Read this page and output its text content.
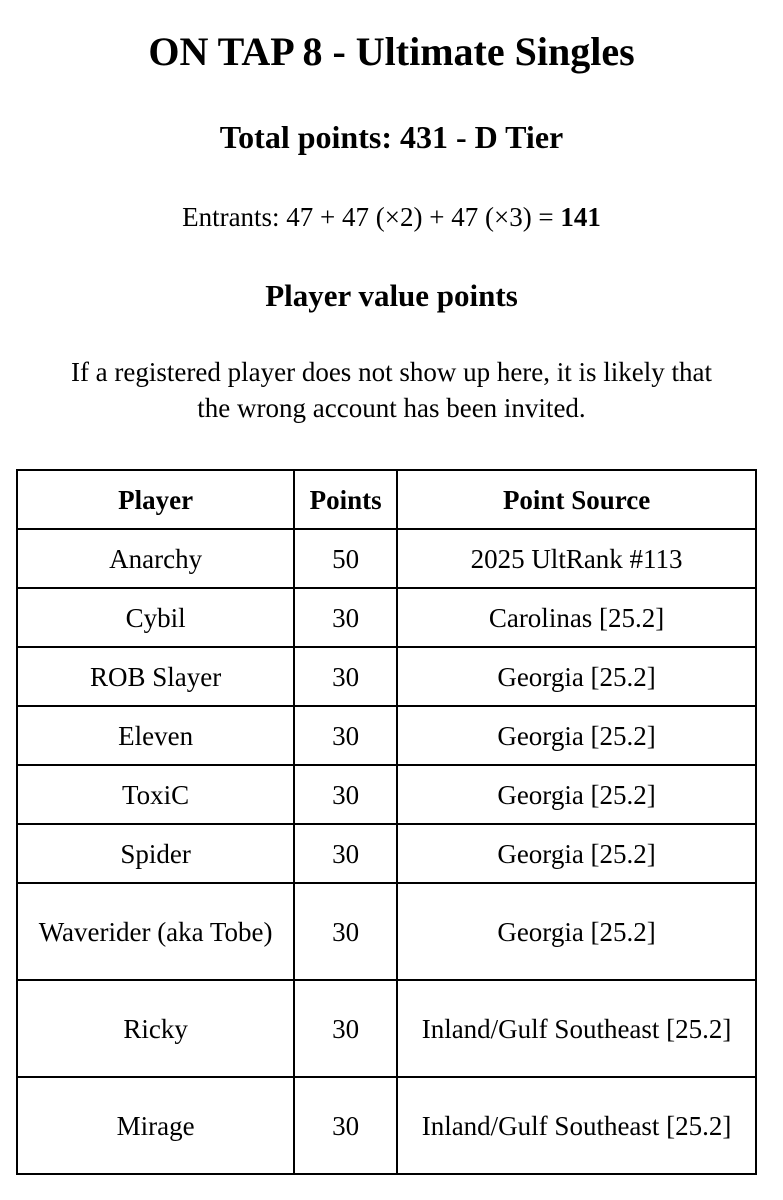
ON TAP 8 - Ultimate Singles
Total points: 431 - D Tier
Entrants: 47 + 47 (×2) + 47 (×3) = 141
Player value points
If a registered player does not show up here, it is likely that
the wrong account has been invited.
Player	Points	Point Source
Anarchy	50	2025 UltRank #113
Cybil	30	Carolinas [25.2]
ROB Slayer	30	Georgia [25.2]
Eleven	30	Georgia [25.2]
ToxiC	30	Georgia [25.2]
Spider	30	Georgia [25.2]
Waverider (aka Tobe)	30	Georgia [25.2]
Ricky	30	Inland/Gulf Southeast [25.2]
Mirage	30	Inland/Gulf Southeast [25.2]
